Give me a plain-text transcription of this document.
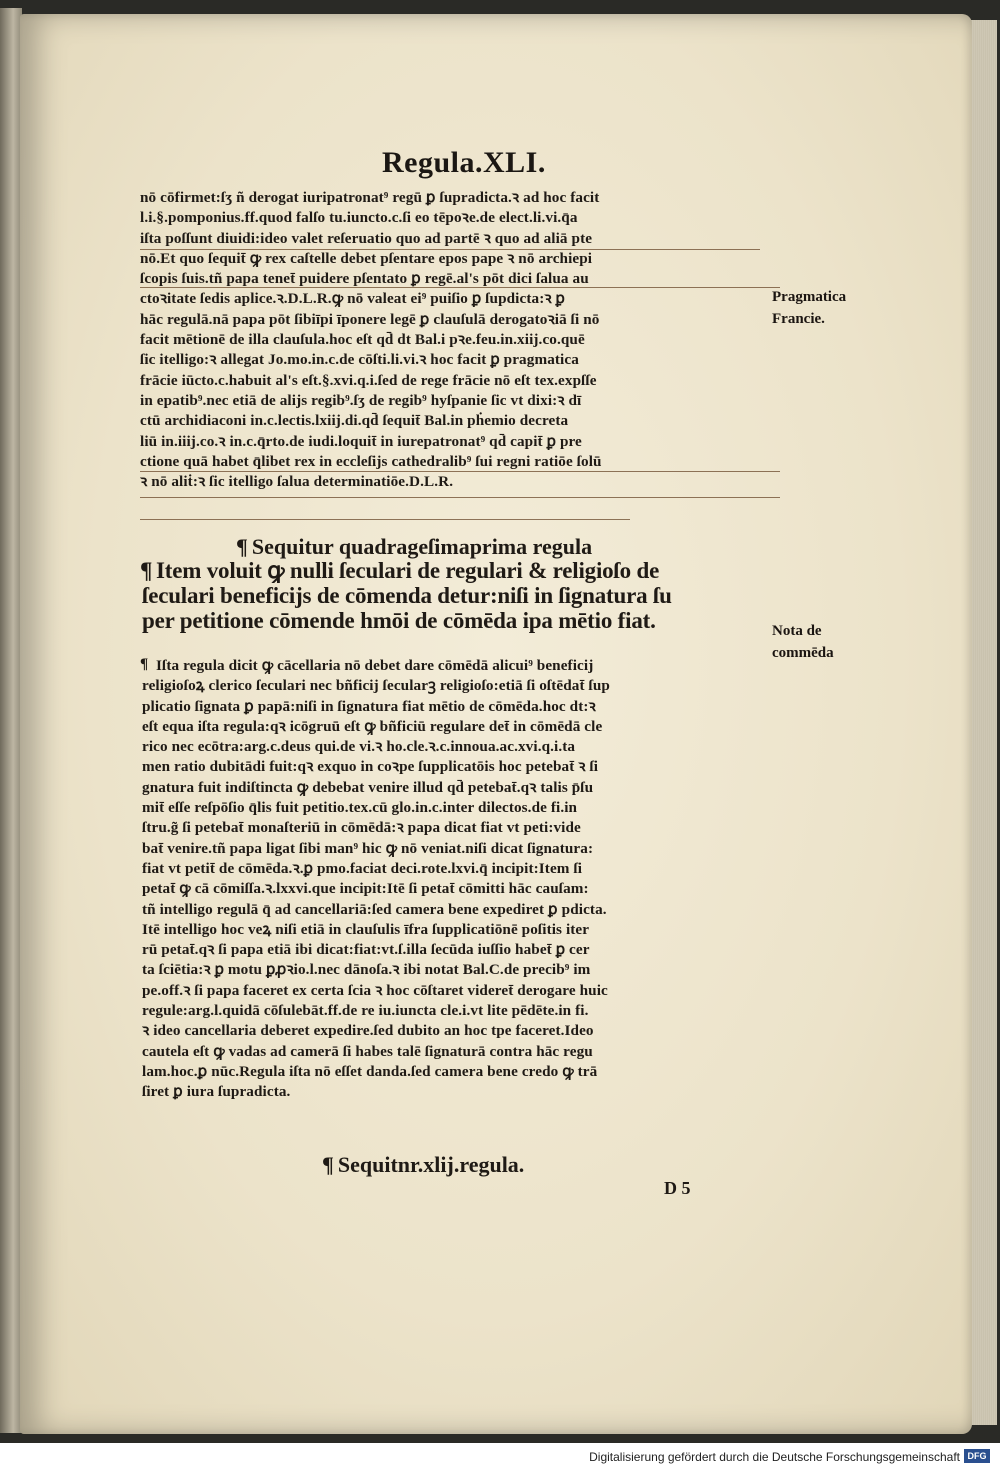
Regula.XLI.
nō cōfirmet:ſʒ ñ derogat iuripatronat⁹ regū ꝑ ſupradicta.ꝛ ad hoc facit
l.i.§.pomponius.ff.quod falſo tu.iuncto.c.ſi eo tēpoꝛe.de elect.li.vi.q̄a
iſta poſſunt diuidi:ideo valet reſeruatio quo ad partē ꝛ quo ad aliā pte
nō.Et quo ſequit̄ ꝙ rex caſtelle debet pſentare epos pape ꝛ nō archiepi
ſcopis ſuis.tñ papa tenet̄ puidere pſentato ꝑ regē.al's pōt dici ſalua au
ctoꝛitate ſedis aplice.ꝛ.D.L.R.ꝙ nō valeat ei⁹ puiſio ꝑ ſupdicta:ꝛ ꝑ
hāc regulā.nā papa pōt ſibiīpi īponere legē ꝑ clauſulā derogatoꝛiā ſi nō
facit mētionē de illa clauſula.hoc eſt qd̄ dt Bal.i pꝛe.feu.in.xiij.co.quē
ſic itelligo:ꝛ allegat Jo.mo.in.c.de cōſti.li.vi.ꝛ hoc facit ꝑ pragmatica
frācie iūcto.c.habuit al's eſt.§.xvi.q.i.ſed de rege frācie nō eſt tex.expſſe
in epatib⁹.nec etiā de alijs regib⁹.ſʒ de regib⁹ hyſpanie ſic vt dixi:ꝛ dī
ctū archidiaconi in.c.lectis.lxiij.di.qd̄ ſequit̄ Bal.in pḣemio decreta
liū in.iiij.co.ꝛ in.c.q̄rto.de iudi.loquit̄ in iurepatronat⁹ qd̄ capit̄ ꝑ pre
ctione quā habet q̄libet rex in eccleſijs cathedralib⁹ ſui regni ratiōe ſolū
ꝛ nō aliṫ:ꝛ ſic itelligo ſalua determinatiōe.D.L.R.
¶ Sequitur quadrageſimaprima regula
¶ Item voluit ꝙ nulli ſeculari de regulari & religioſo de
ſeculari beneficijs de cōmenda detur:niſi in ſignatura ſu
per petitione cōmende hmōi de cōmēda ipa mētio fiat.
¶ Iſta regula dicit ꝙ cācellaria nō debet dare cōmēdā alicui⁹ beneficij
religioſoꝝ clerico ſeculari nec bñficij ſecularꝫ religioſo:etiā ſi oſtēdat̄ ſup
plicatio ſignata ꝑ papā:niſi in ſignatura fiat mētio de cōmēda.hoc dt:ꝛ
eſt equa iſta regula:qꝛ icōgruū eſt ꝙ bñficiū regulare det̄ in cōmēdā cle
rico nec ecōtra:arg.c.deus qui.de vi.ꝛ ho.cle.ꝛ.c.innoua.ac.xvi.q.i.ta
men ratio dubitādi fuit:qꝛ exquo in coꝛpe ſupplicatōis hoc petebat̄ ꝛ ſi
gnatura fuit indiſtincta ꝙ debebat venire illud qd̄ petebat̄.qꝛ talis p̄ſu
mit̄ eſſe reſpōſio q̄lis fuit petitio.tex.cū glo.in.c.inter dilectos.de fi.in
ſtru.g̃ ſi petebat̄ monaſteriū in cōmēdā:ꝛ papa dicat fiat vt peti:vide
bat̄ venire.tñ papa ligat ſibi man⁹ hic ꝙ nō veniat.niſi dicat ſignatura:
fiat vt petit̄ de cōmēda.ꝛ.ꝑ pmo.faciat deci.rote.lxvi.q̄ incipit:Item ſi
petat̄ ꝙ cā cōmiſſa.ꝛ.lxxvi.que incipit:Itē ſi petat̄ cōmitti hāc cauſam:
tñ intelligo regulā q̄ ad cancellariā:ſed camera bene expediret ꝑ pdicta.
Itē intelligo hoc veꝝ niſi etiā in clauſulis īfra ſupplicatiōnē poſitis iter
rū petat̄.qꝛ ſi papa etiā ibi dicat:fiat:vt.ſ.illa ſecūda iuſſio habet̄ ꝑ cer
ta ſciētia:ꝛ ꝑ motu ꝑꝓꝛio.l.nec dānoſa.ꝛ ibi notat Bal.C.de precib⁹ im
pe.off.ꝛ ſi papa faceret ex certa ſcia ꝛ hoc cōſtaret videret̄ derogare huic
regule:arg.l.quidā cōſulebāt.ff.de re iu.iuncta cle.i.vt lite pēdēte.in fi.
ꝛ ideo cancellaria deberet expedire.ſed dubito an hoc tpe faceret.Ideo
cautela eſt ꝙ vadas ad camerā ſi habes talē ſignaturā contra hāc regu
lam.hoc.ꝑ nūc.Regula iſta nō eſſet danda.ſed camera bene credo ꝙ trā
ſiret ꝑ iura ſupradicta.
¶ Sequitnr.xlij.regula.
D 5
Pragmatica
Francie.
Nota de
commēda
Digitalisierung gefördert durch die Deutsche Forschungsgemeinschaft DFG
